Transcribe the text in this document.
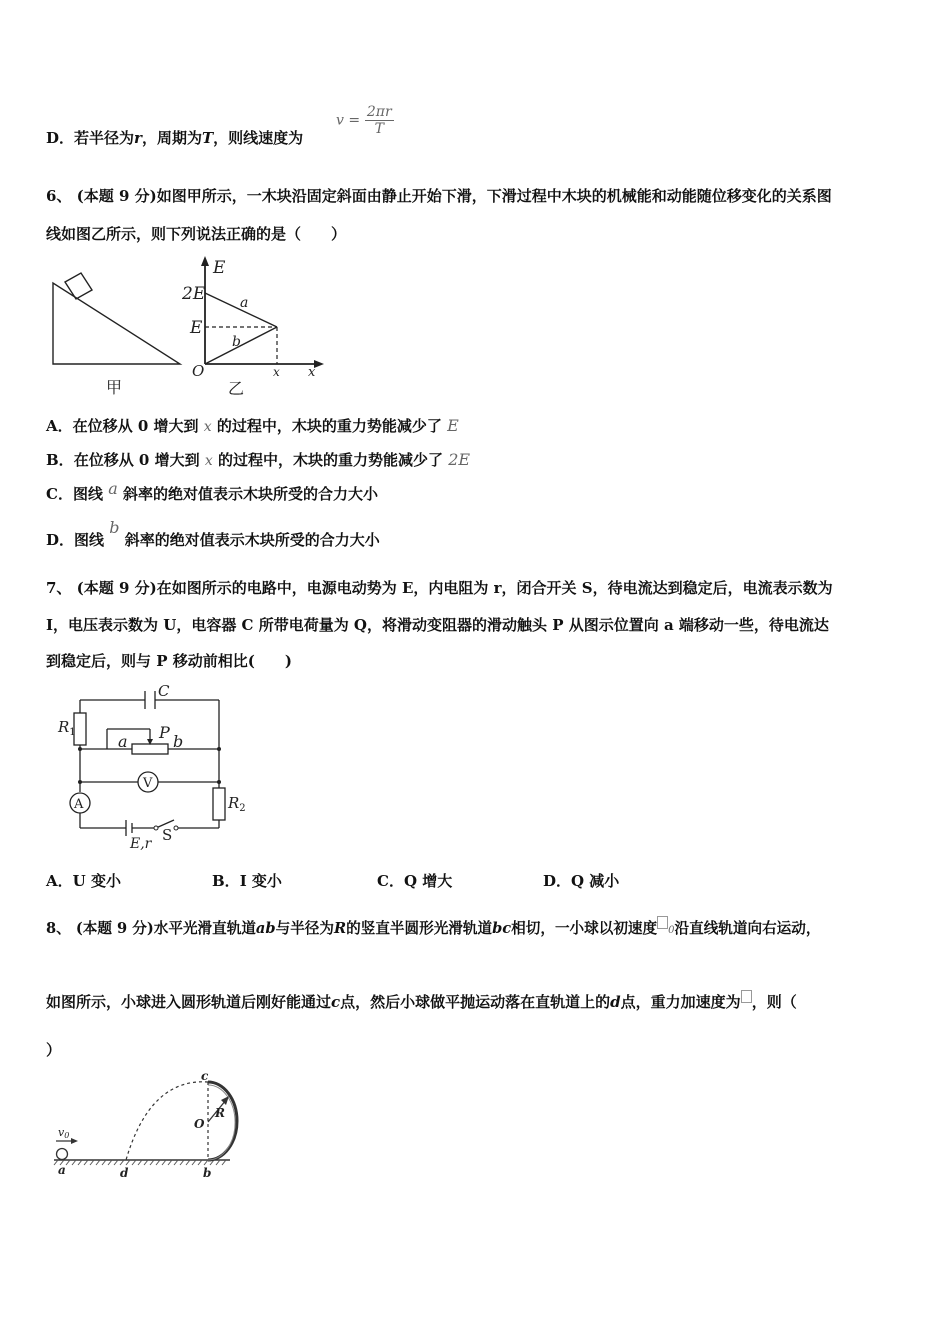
D．若半径为r，周期为T，则线速度为
$v = \frac{2\pi r}{T}$
6、 (本题 9 分)如图甲所示，一木块沿固定斜面由静止开始下滑，下滑过程中木块的机械能和动能随位移变化的关系图
线如图乙所示，则下列说法正确的是（　　）
甲
E
2E
E
O	x x
a
b
乙
A．在位移从 0 增大到 x 的过程中，木块的重力势能减少了 E
B．在位移从 0 增大到 x 的过程中，木块的重力势能减少了 2E
C．图线 a 斜率的绝对值表示木块所受的合力大小
D．图线 b 斜率的绝对值表示木块所受的合力大小
7、 (本题 9 分)在如图所示的电路中，电源电动势为 E，内电阻为 r，闭合开关 S，待电流达到稳定后，电流表示数为
I，电压表示数为 U，电容器 C 所带电荷量为 Q，将滑动变阻器的滑动触头 P 从图示位置向 a 端移动一些，待电流达
到稳定后，则与 P 移动前相比(　　)
C
$R_1$
$R_2$
a P b
V
A
E,r S
A．U 变小	B．I 变小	C．Q 增大	D．Q 减小
8、 (本题 9 分)水平光滑直轨道ab与半径为R的竖直半圆形光滑轨道bc相切，一小球以初速度 0沿直线轨道向右运动，
如图所示，小球进入圆形轨道后刚好能通过c点，然后小球做平抛运动落在直轨道上的d点，重力加速度为 ，则（
）
v0
a	d	b
c
O
R
